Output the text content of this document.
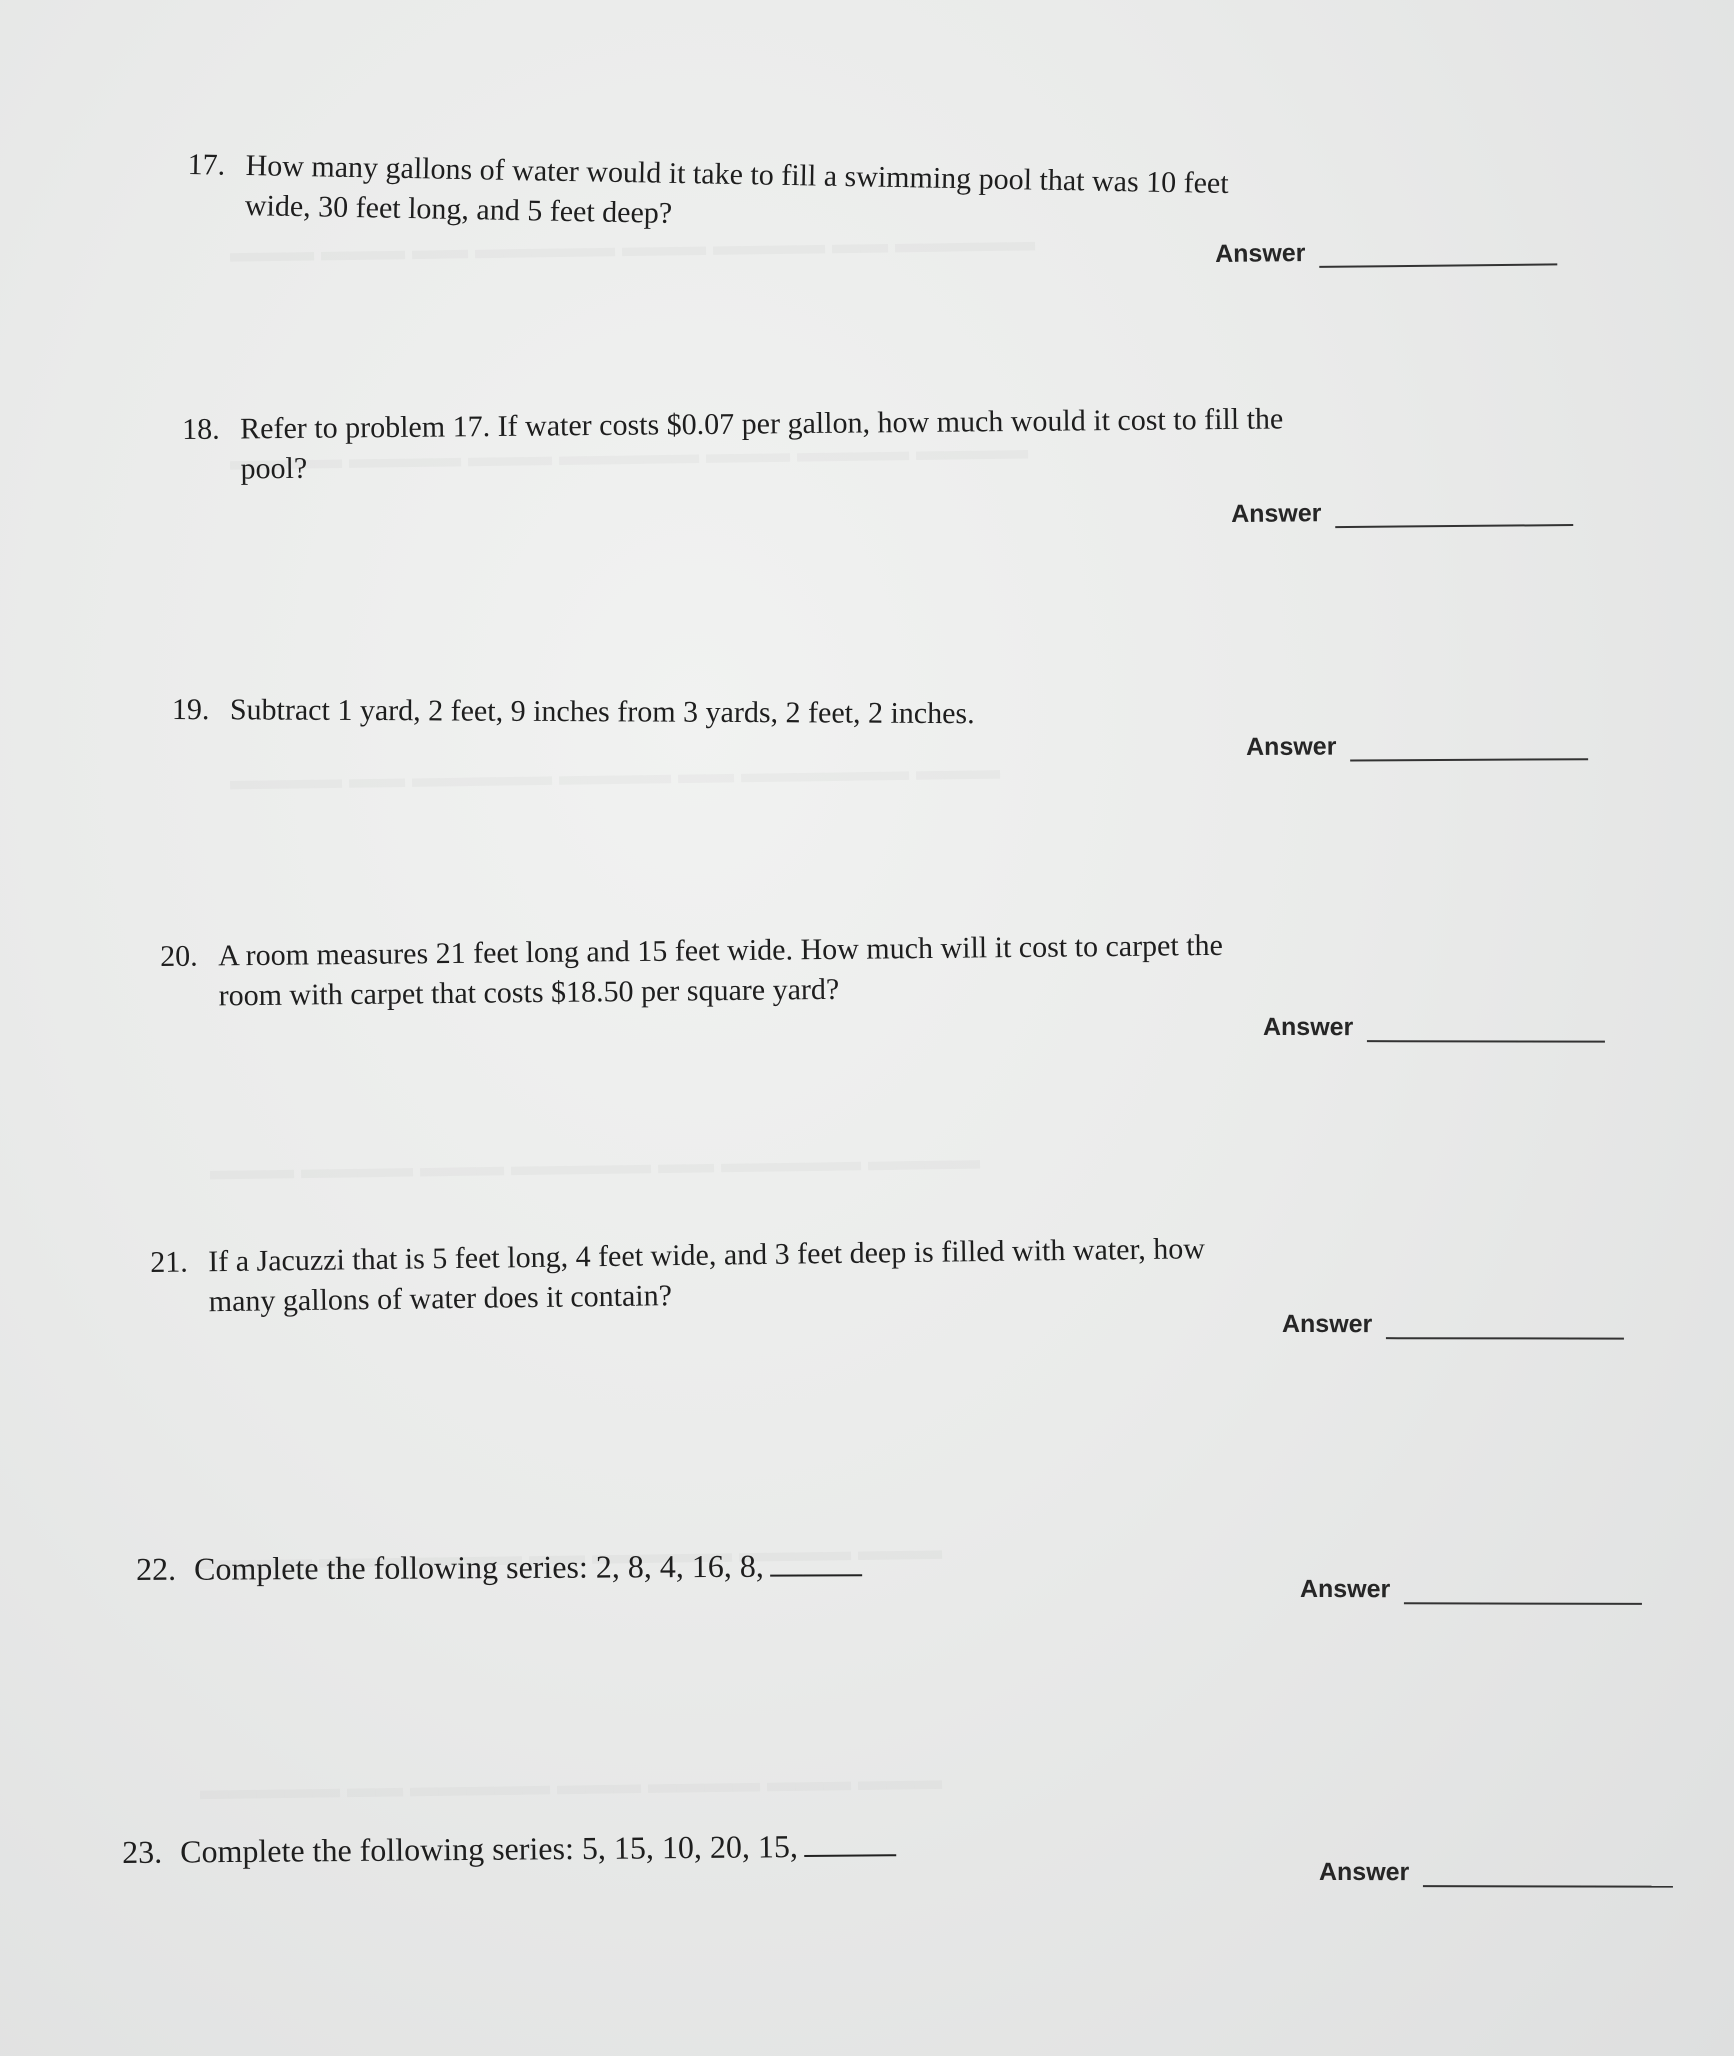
17. How many gallons of water would it take to fill a swimming pool that was 10 feet

wide, 30 feet long, and 5 feet deep?

Answer

18. Refer to problem 17. If water costs $0.07 per gallon, how much would it cost to fill the

pool?

Answer

19. Subtract 1 yard, 2 feet, 9 inches from 3 yards, 2 feet, 2 inches.

Answer

20. A room measures 21 feet long and 15 feet wide. How much will it cost to carpet the

room with carpet that costs $18.50 per square yard?

Answer

21. If a Jacuzzi that is 5 feet long, 4 feet wide, and 3 feet deep is filled with water, how

many gallons of water does it contain?

Answer

22. Complete the following series: 2, 8, 4, 16, 8,

Answer

23. Complete the following series: 5, 15, 10, 20, 15,

Answer
